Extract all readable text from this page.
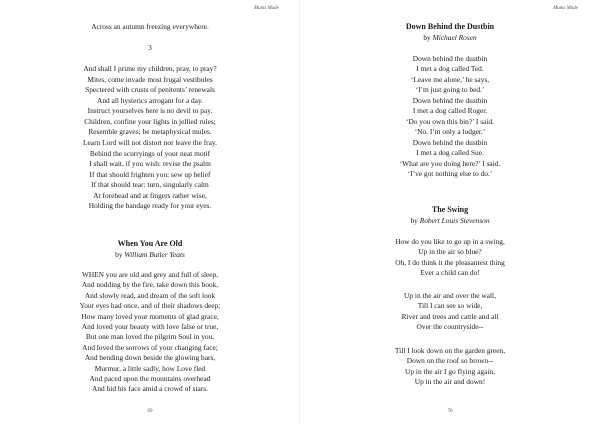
Mums Made
Across an autumn freezing everywhere.
3
And shall I prime my children, pray, to pray?
Mites, come invade most frugal vestibules
Spectered with crusts of penitents’ renewals
And all hysterics arrogant for a day.
Instruct yourselves here is no devil to pay.
Children, confine your lights in jellied rules;
Resemble graves; be metaphysical mules.
Learn Lord will not distort nor leave the fray.
Behind the scurryings of your neat motif
I shall wait, if you wish: revise the psalm
If that should frighten you: sew up belief
If that should tear: turn, singularly calm
At forehead and at fingers rather wise,
Holding the bandage ready for your eyes.
When You Are Old
by William Butler Yeats
WHEN you are old and grey and full of sleep,
And nodding by the fire, take down this book,
And slowly read, and dream of the soft look
Your eyes had once, and of their shadows deep;
How many loved your moments of glad grace,
And loved your beauty with love false or true,
But one man loved the pilgrim Soul in you,
And loved the sorrows of your changing face;
And bending down beside the glowing bars,
Murmur, a little sadly, how Love fled
And paced upon the mountains overhead
And hid his face amid a crowd of stars.
69
Mums Made
Down Behind the Dustbin
by Michael Rosen
Down behind the dustbin
I met a dog called Ted.
‘Leave me alone,’ he says,
‘I’m just going to bed.’
Down behind the dustbin
I met a dog called Roger.
‘Do you own this bin?’ I said.
‘No. I’m only a lodger.’
Down behind the dustbin
I met a dog called Sue.
‘What are you doing here?’ I said.
‘I’ve got nothing else to do.’
The Swing
by Robert Louis Stevenson
How do you like to go up in a swing,
Up in the air so blue?
Oh, I do think it the pleasantest thing
Ever a child can do!
Up in the air and over the wall,
Till I can see so wide,
River and trees and cattle and all
Over the countryside--
Till I look down on the garden green,
Down on the roof so brown--
Up in the air I go flying again,
Up in the air and down!
70
